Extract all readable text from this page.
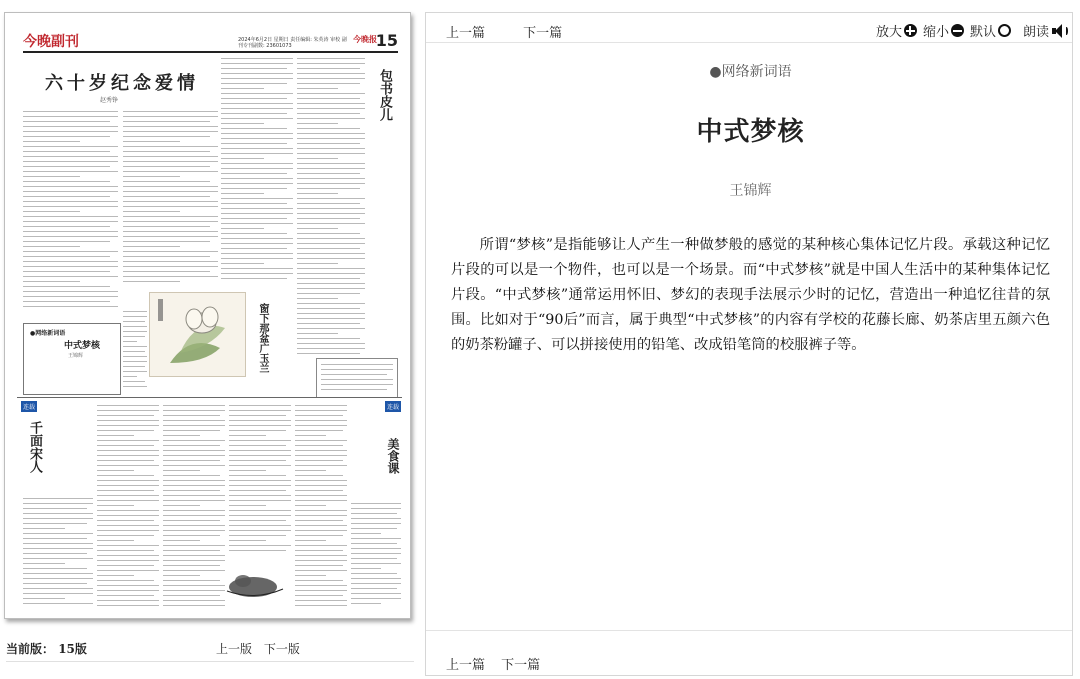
今晚副刊	2024年6月2日 星期日 责任编辑: 朱英涛 审校 副刊专刊副数: 23601073
今晚报
15
六十岁纪念爱情
赵秀铮	包书皮儿
●网络新词语
中式梦核
王锦辉	窗下那盆广玉兰
连载	连载
千面宋人	美食课
当前版： 15版	上一版 下一版
上一篇	下一篇	放大 缩小 默认 朗读
●网络新词语
中式梦核
王锦辉

所谓“梦核”是指能够让人产生一种做梦般的感觉的某种核心集体记忆片段。承载这种记忆片段的可以是一个物件，也可以是一个场景。而“中式梦核”就是中国人生活中的某种集体记忆片段。“中式梦核”通常运用怀旧、梦幻的表现手法展示少时的记忆，营造出一种追忆往昔的氛围。比如对于“90后”而言，属于典型“中式梦核”的内容有学校的花藤长廊、奶茶店里五颜六色的奶茶粉罐子、可以拼接使用的铅笔、改成铅笔筒的校服裤子等。

上一篇 下一篇
